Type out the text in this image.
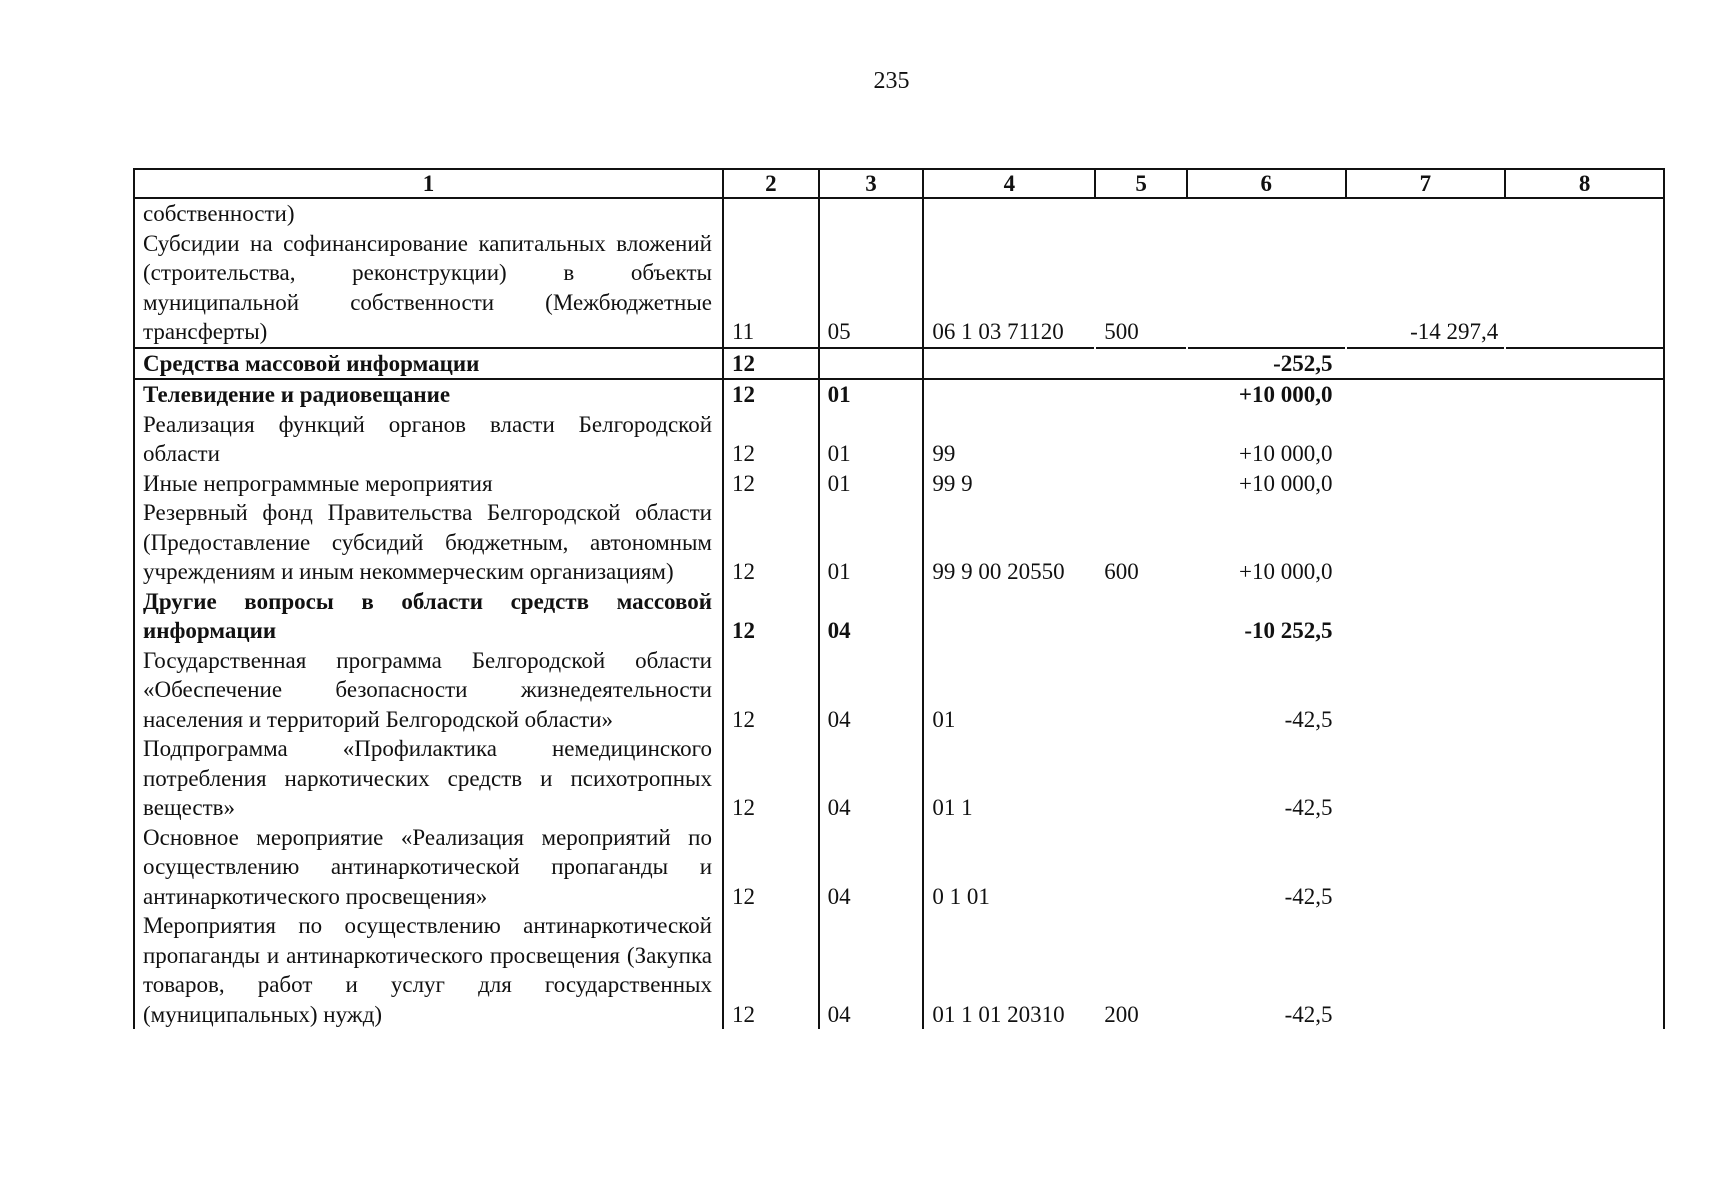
235
1	2	3	4	5	6	7	8
собственности)							
Субсидии на софинансирование капитальных вложений (строительства, реконструкции) в объекты муниципальной собственности (Межбюджетные трансферты)	11	05	06 1 03 71120	500		-14 297,4	
Средства массовой информации	12				-252,5		
Телевидение и радиовещание	12	01			+10 000,0		
Реализация функций органов власти Белгородской области	12	01	99		+10 000,0		
Иные непрограммные мероприятия	12	01	99 9		+10 000,0		
Резервный фонд Правительства Белгородской области (Предоставление субсидий бюджетным, автономным учреждениям и иным некоммерческим организациям)	12	01	99 9 00 20550	600	+10 000,0		
Другие вопросы в области средств массовой информации	12	04			-10 252,5		
Государственная программа Белгородской области «Обеспечение безопасности жизнедеятельности населения и территорий Белгородской области»	12	04	01		-42,5		
Подпрограмма «Профилактика немедицинского потребления наркотических средств и психотропных веществ»	12	04	01 1		-42,5		
Основное мероприятие «Реализация мероприятий по осуществлению антинаркотической пропаганды и антинаркотического просвещения»	12	04	0 1 01		-42,5		
Мероприятия по осуществлению антинаркотической пропаганды и антинаркотического просвещения (Закупка товаров, работ и услуг для государственных (муниципальных) нужд)	12	04	01 1 01 20310	200	-42,5		
